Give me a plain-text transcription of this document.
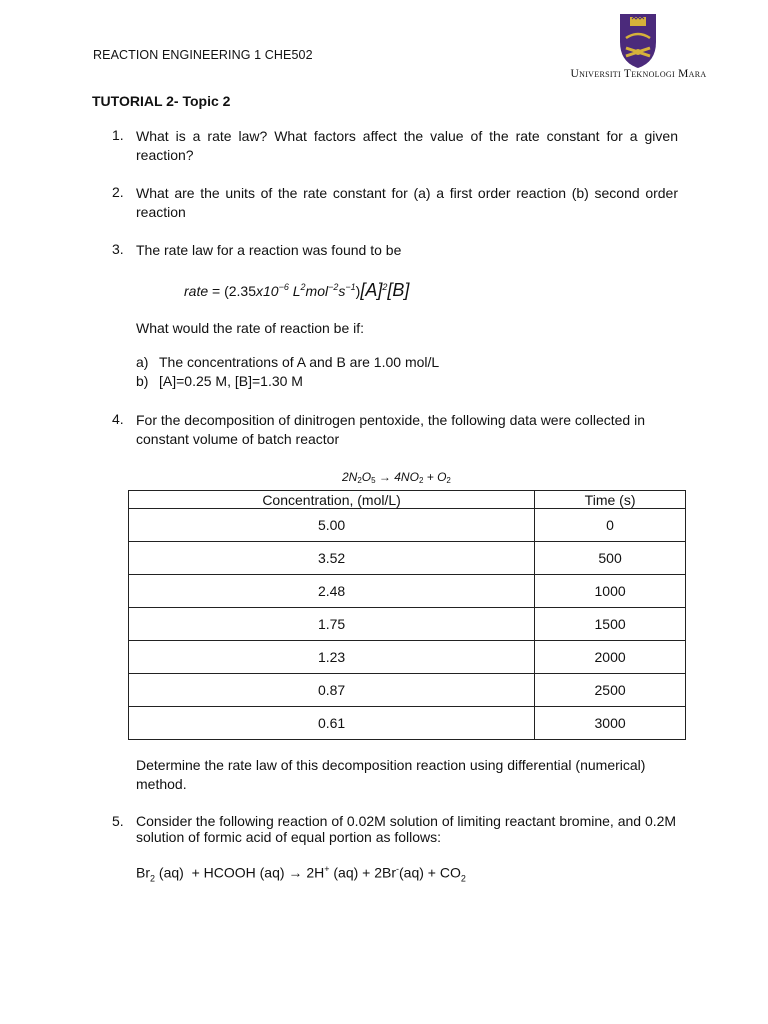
REACTION ENGINEERING 1 CHE502
Universiti Teknologi Mara
TUTORIAL 2- Topic 2
1. What is a rate law? What factors affect the value of the rate constant for a given reaction?
2. What are the units of the rate constant for (a) a first order reaction (b) second order reaction
3. The rate law for a reaction was found to be
rate = ($2.35x10^{-6}$ $L^2mol^{-2}s^{-1})[A]^2[B]$
What would the rate of reaction be if:
a) The concentrations of A and B are 1.00 mol/L
b) [A]=0.25 M, [B]=1.30 M
4. For the decomposition of dinitrogen pentoxide, the following data were collected in constant volume of batch reactor
$2N_2O_5 \to 4NO_2 + O_2$
Concentration, (mol/L)	Time (s)
5.00	0
3.52	500
2.48	1000
1.75	1500
1.23	2000
0.87	2500
0.61	3000
Determine the rate law of this decomposition reaction using differential (numerical) method.
5. Consider the following reaction of 0.02M solution of limiting reactant bromine, and 0.2M solution of formic acid of equal portion as follows:
$Br_2$ (aq)  + HCOOH (aq) → 2H+ $(aq) + 2Br^-(aq) + CO_2$
